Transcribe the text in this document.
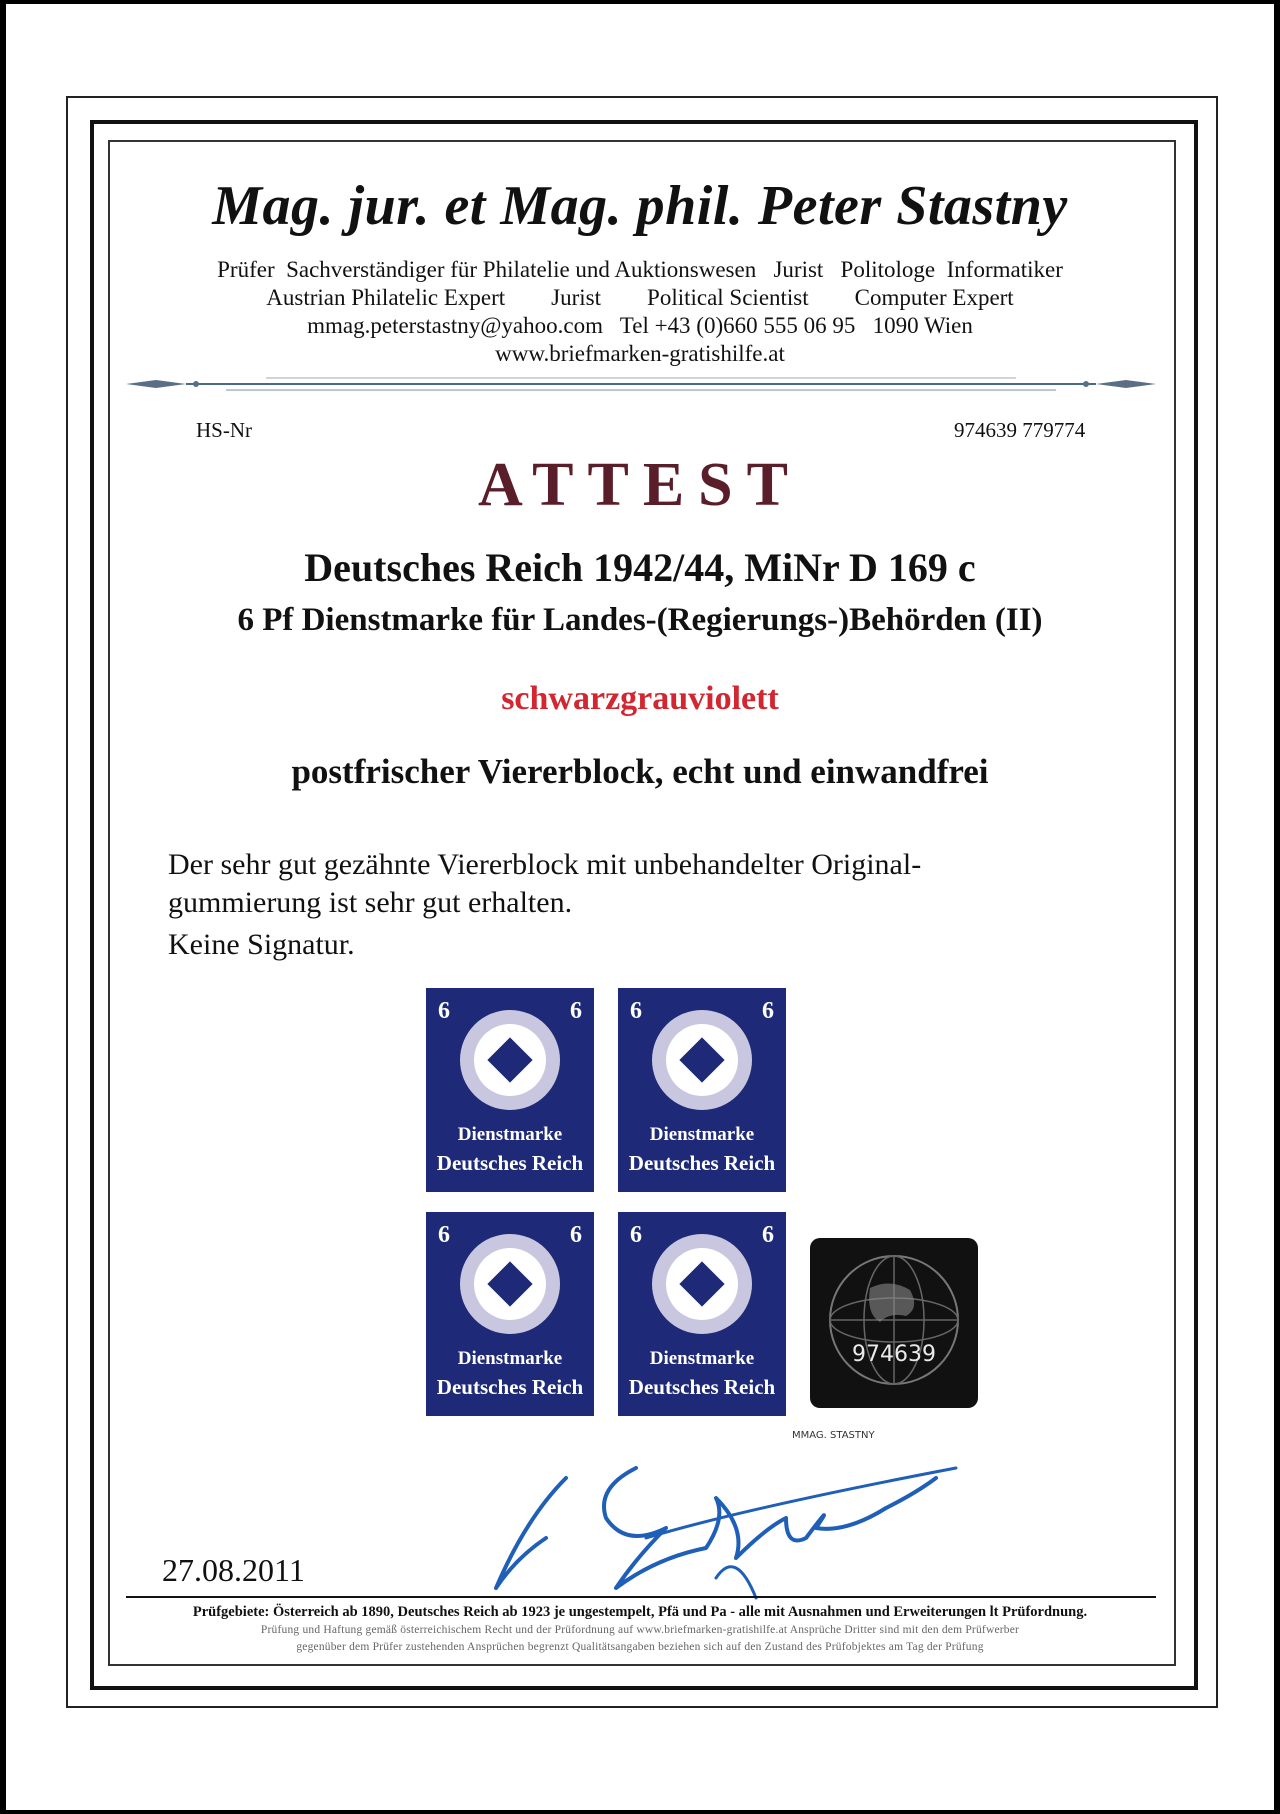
Mag. jur. et Mag. phil. Peter Stastny
Prüfer  Sachverständiger für Philatelie und Auktionswesen   Jurist   Politologe  Informatiker
Austrian Philatelic Expert        Jurist        Political Scientist        Computer Expert
mmag.peterstastny@yahoo.com   Tel +43 (0)660 555 06 95   1090 Wien
www.briefmarken-gratishilfe.at
HS-Nr	974639 779774
ATTEST
Deutsches Reich 1942/44, MiNr D 169 c
6 Pf Dienstmarke für Landes-(Regierungs-)Behörden (II)
schwarzgrauviolett
postfrischer Viererblock, echt und einwandfrei
Der sehr gut gezähnte Viererblock mit unbehandelter Original-
gummierung ist sehr gut erhalten.
Keine Signatur.
6	6
Dienstmarke
Deutsches Reich
6	6
Dienstmarke
Deutsches Reich
6	6
Dienstmarke
Deutsches Reich
6	6
Dienstmarke
Deutsches Reich
974639
MMAG. STASTNY
27.08.2011
Prüfgebiete: Österreich ab 1890, Deutsches Reich ab 1923 je ungestempelt, Pfä und Pa - alle mit Ausnahmen und Erweiterungen lt Prüfordnung.
Prüfung und Haftung gemäß österreichischem Recht und der Prüfordnung auf www.briefmarken-gratishilfe.at Ansprüche Dritter sind mit den dem Prüfwerber
gegenüber dem Prüfer zustehenden Ansprüchen begrenzt Qualitätsangaben beziehen sich auf den Zustand des Prüfobjektes am Tag der Prüfung
